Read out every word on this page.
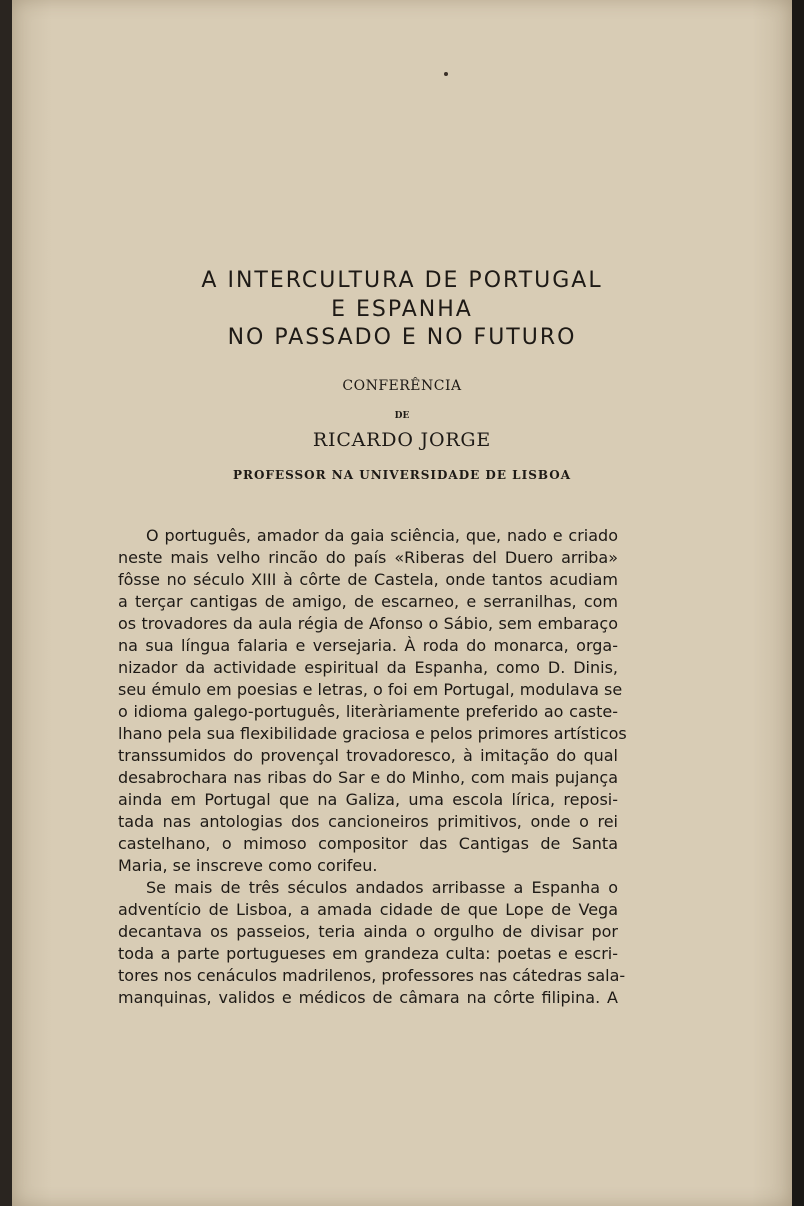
A INTERCULTURA DE PORTUGAL
E ESPANHA
NO PASSADO E NO FUTURO
CONFERÊNCIA
DE
RICARDO JORGE
PROFESSOR NA UNIVERSIDADE DE LISBOA
O português, amador da gaia sciência, que, nado e criado
neste mais velho rincão do país «Riberas del Duero arriba»
fôsse no século XIII à côrte de Castela, onde tantos acudiam
a terçar cantigas de amigo, de escarneo, e serranilhas, com
os trovadores da aula régia de Afonso o Sábio, sem embaraço
na sua língua falaria e versejaria. À roda do monarca, orga-
nizador da actividade espiritual da Espanha, como D. Dinis,
seu émulo em poesias e letras, o foi em Portugal, modulava se
o idioma galego-português, literàriamente preferido ao caste-
lhano pela sua flexibilidade graciosa e pelos primores artísticos
transsumidos do provençal trovadoresco, à imitação do qual
desabrochara nas ribas do Sar e do Minho, com mais pujança
ainda em Portugal que na Galiza, uma escola lírica, reposi-
tada nas antologias dos cancioneiros primitivos, onde o rei
castelhano, o mimoso compositor das Cantigas de Santa
Maria, se inscreve como corifeu.
Se mais de três séculos andados arribasse a Espanha o
adventício de Lisboa, a amada cidade de que Lope de Vega
decantava os passeios, teria ainda o orgulho de divisar por
toda a parte portugueses em grandeza culta: poetas e escri-
tores nos cenáculos madrilenos, professores nas cátedras sala-
manquinas, validos e médicos de câmara na côrte filipina. A
